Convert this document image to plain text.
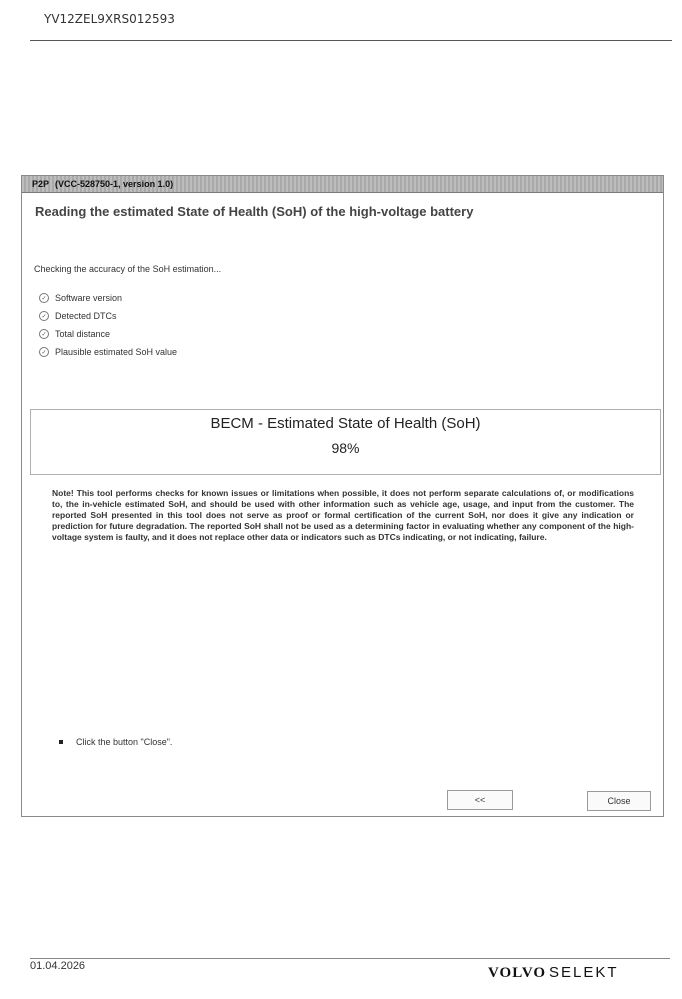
YV12ZEL9XRS012593
P2P (VCC-528750-1, version 1.0)
Reading the estimated State of Health (SoH) of the high-voltage battery
Checking the accuracy of the SoH estimation...
✓ Software version
✓ Detected DTCs
✓ Total distance
✓ Plausible estimated SoH value
BECM - Estimated State of Health (SoH)
98%
Note! This tool performs checks for known issues or limitations when possible, it does not perform separate calculations of, or modifications to, the in-vehicle estimated SoH, and should be used with other information such as vehicle age, usage, and input from the customer. The reported SoH presented in this tool does not serve as proof or formal certification of the current SoH, nor does it give any indication or prediction for future degradation. The reported SoH shall not be used as a determining factor in evaluating whether any component of the high-voltage system is faulty, and it does not replace other data or indicators such as DTCs indicating, or not indicating, failure.
Click the button "Close".
<<	Close
01.04.2026	VOLVO SELEKT
